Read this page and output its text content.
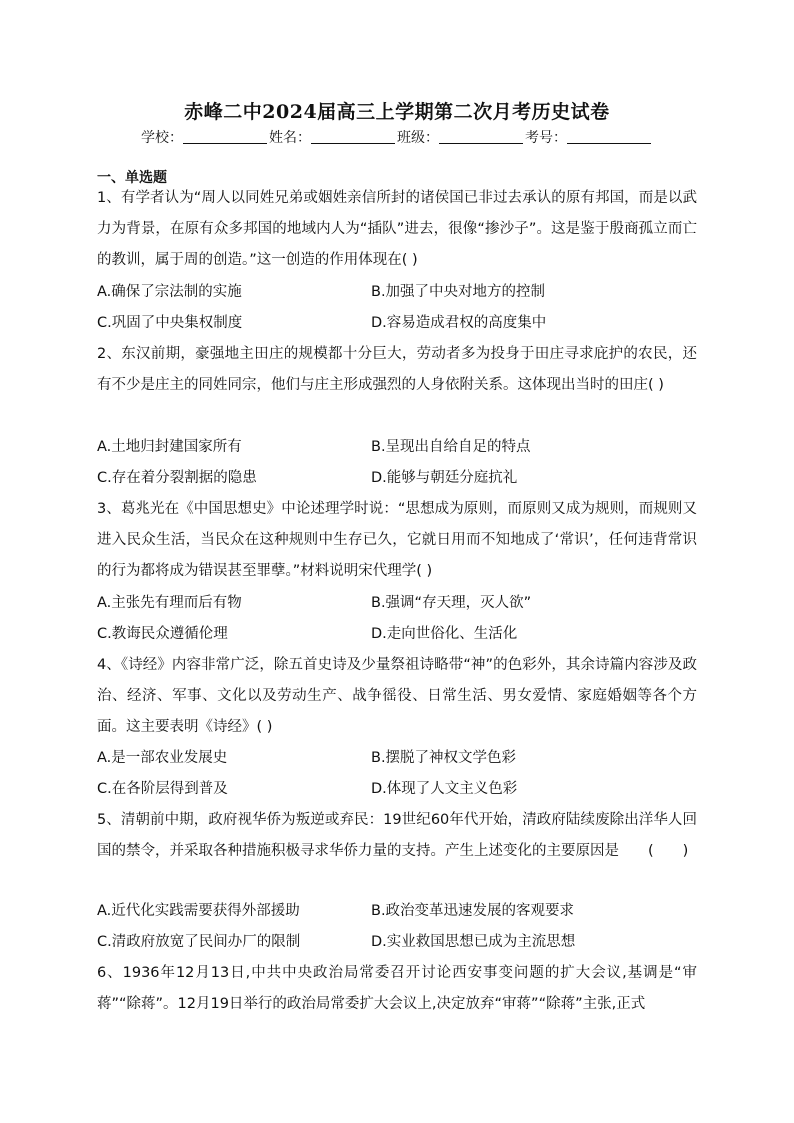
赤峰二中2024届高三上学期第二次月考历史试卷
学校：	姓名：	班级：	考号：
一、单选题
1、有学者认为“周人以同姓兄弟或姻姓亲信所封的诸侯国已非过去承认的原有邦国，而是以武力为背景，在原有众多邦国的地域内人为“插队”进去，很像“掺沙子”。这是鉴于殷商孤立而亡的教训，属于周的创造。”这一创造的作用体现在( )
A.确保了宗法制的实施	B.加强了中央对地方的控制
C.巩固了中央集权制度	D.容易造成君权的高度集中
2、东汉前期，豪强地主田庄的规模都十分巨大，劳动者多为投身于田庄寻求庇护的农民，还有不少是庄主的同姓同宗，他们与庄主形成强烈的人身依附关系。这体现出当时的田庄( )
A.土地归封建国家所有	B.呈现出自给自足的特点
C.存在着分裂割据的隐患	D.能够与朝廷分庭抗礼
3、葛兆光在《中国思想史》中论述理学时说：“思想成为原则，而原则又成为规则，而规则又进入民众生活，当民众在这种规则中生存已久，它就日用而不知地成了‘常识’，任何违背常识的行为都将成为错误甚至罪孽。”材料说明宋代理学( )
A.主张先有理而后有物	B.强调“存天理，灭人欲”
C.教诲民众遵循伦理	D.走向世俗化、生活化
4、《诗经》内容非常广泛，除五首史诗及少量祭祖诗略带“神”的色彩外，其余诗篇内容涉及政治、经济、军事、文化以及劳动生产、战争徭役、日常生活、男女爱情、家庭婚姻等各个方面。这主要表明《诗经》( )
A.是一部农业发展史	B.摆脱了神权文学色彩
C.在各阶层得到普及	D.体现了人文主义色彩
5、清朝前中期，政府视华侨为叛逆或弃民：19世纪60年代开始，清政府陆续废除出洋华人回国的禁令，并采取各种措施积极寻求华侨力量的支持。产生上述变化的主要原因是　　(　　)
A.近代化实践需要获得外部援助	B.政治变革迅速发展的客观要求
C.清政府放宽了民间办厂的限制	D.实业救国思想已成为主流思想
6、1936年12月13日,中共中央政治局常委召开讨论西安事变问题的扩大会议,基调是“审蒋”“除蒋”。12月19日举行的政治局常委扩大会议上,决定放弃“审蒋”“除蒋”主张,正式
